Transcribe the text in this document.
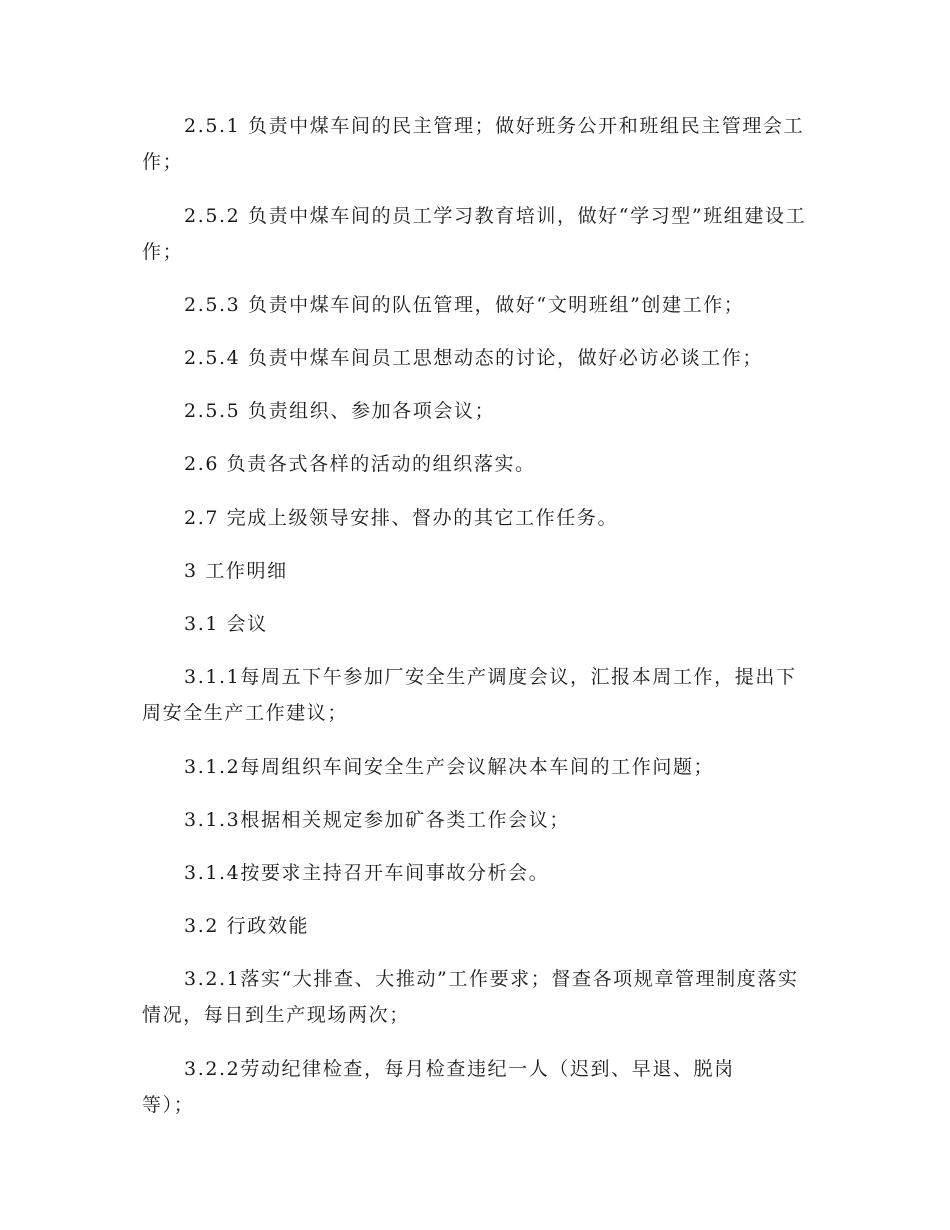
2.5.1 负责中煤车间的民主管理；做好班务公开和班组民主管理会工作；

2.5.2 负责中煤车间的员工学习教育培训，做好“学习型”班组建设工作；

2.5.3 负责中煤车间的队伍管理，做好“文明班组”创建工作；

2.5.4 负责中煤车间员工思想动态的讨论，做好必访必谈工作；

2.5.5 负责组织、参加各项会议；

2.6 负责各式各样的活动的组织落实。

2.7 完成上级领导安排、督办的其它工作任务。

3 工作明细

3.1 会议

3.1.1每周五下午参加厂安全生产调度会议，汇报本周工作，提出下周安全生产工作建议；

3.1.2每周组织车间安全生产会议解决本车间的工作问题；

3.1.3根据相关规定参加矿各类工作会议；

3.1.4按要求主持召开车间事故分析会。

3.2 行政效能

3.2.1落实“大排查、大推动”工作要求；督查各项规章管理制度落实情况，每日到生产现场两次；

3.2.2劳动纪律检查，每月检查违纪一人（迟到、早退、脱岗等）；
